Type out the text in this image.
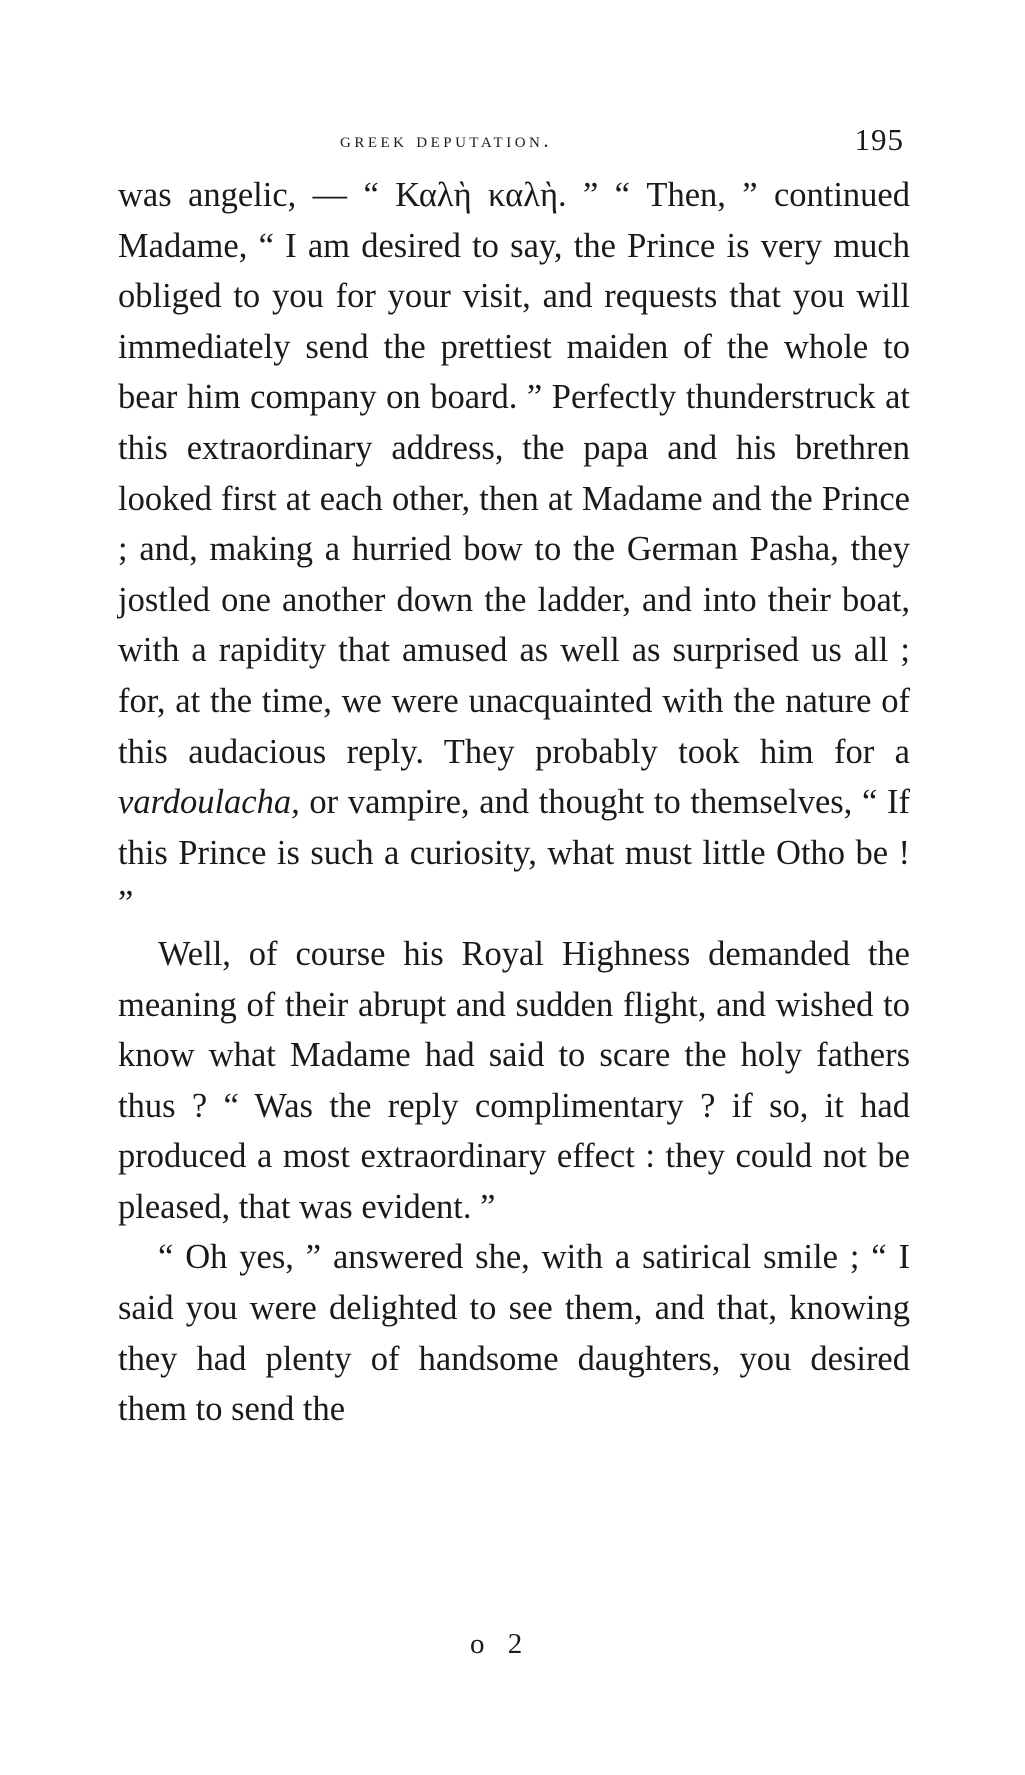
greek deputation.	195

was angelic, — “ Καλὴ καλὴ. ” “ Then, ” continued Madame, “ I am desired to say, the Prince is very much obliged to you for your visit, and requests that you will immediately send the prettiest maiden of the whole to bear him company on board. ” Perfectly thunderstruck at this extraordinary address, the papa and his brethren looked first at each other, then at Madame and the Prince ; and, making a hurried bow to the German Pasha, they jostled one another down the ladder, and into their boat, with a rapidity that amused as well as surprised us all ; for, at the time, we were unacquainted with the nature of this audacious reply. They probably took him for a vardoulacha, or vampire, and thought to themselves, “ If this Prince is such a curiosity, what must little Otho be ! ”

Well, of course his Royal Highness demanded the meaning of their abrupt and sudden flight, and wished to know what Madame had said to scare the holy fathers thus ? “ Was the reply complimentary ? if so, it had produced a most extraordinary effect : they could not be pleased, that was evident. ”

“ Oh yes, ” answered she, with a satirical smile ; “ I said you were delighted to see them, and that, knowing they had plenty of handsome daughters, you desired them to send the

o 2
